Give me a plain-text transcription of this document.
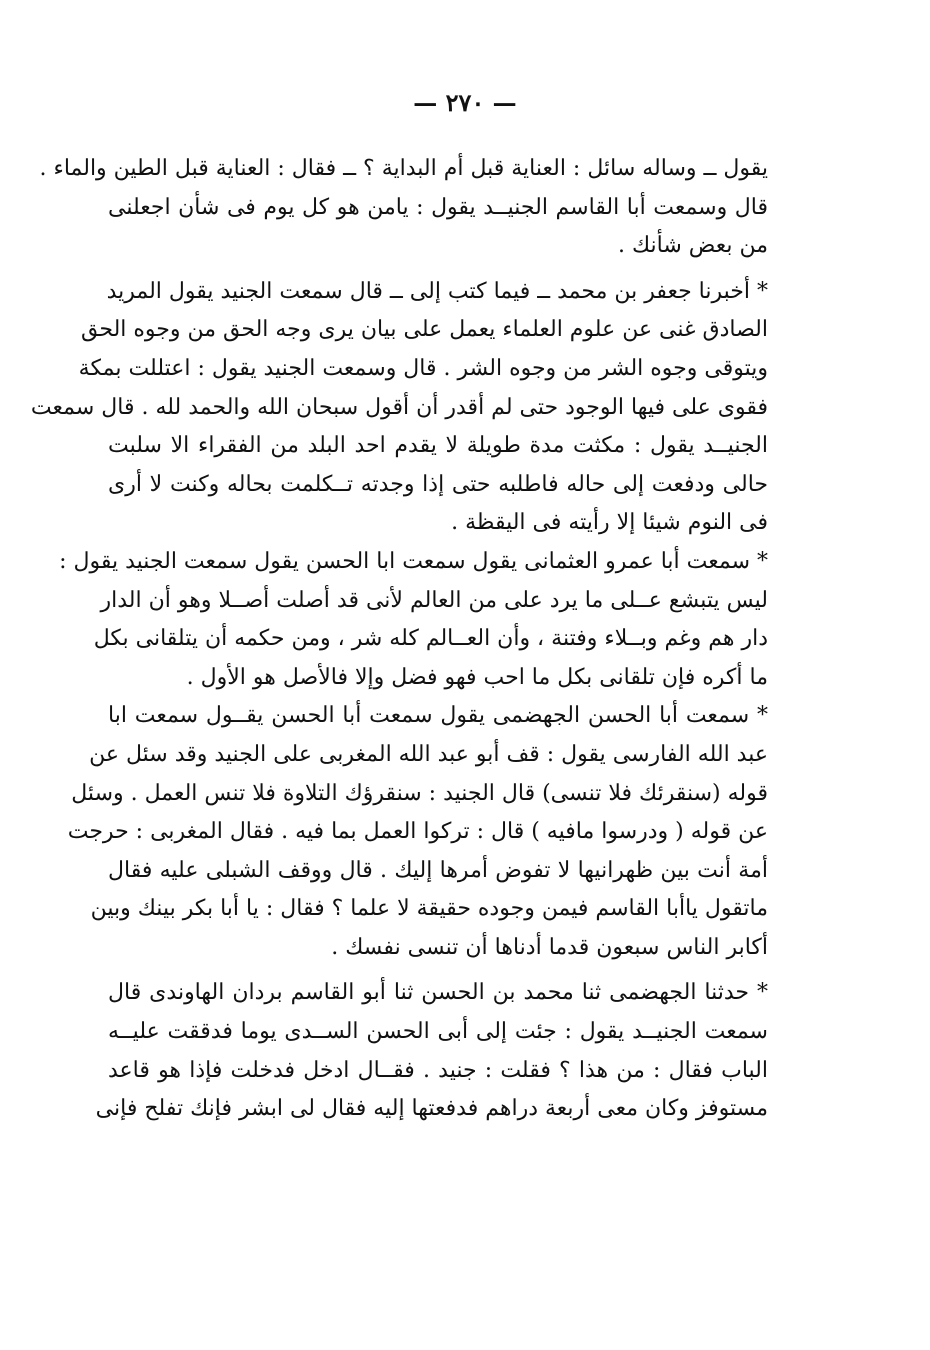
— ٢٧٠ —
يقول ــ وساله سائل : العناية قبل أم البداية ؟ ــ فقال : العناية قبل الطين والماء .
قال وسمعت أبا القاسم الجنيــد يقول : يامن هو كل يوم فى شأن اجعلنى
من بعض شأنك .
* أخبرنا جعفر بن محمد ــ فيما كتب إلى ــ قال سمعت الجنيد يقول المريد
الصادق غنى عن علوم العلماء يعمل على بيان يرى وجه الحق من وجوه الحق
ويتوقى وجوه الشر من وجوه الشر . قال وسمعت الجنيد يقول : اعتللت بمكة
فقوى على فيها الوجود حتى لم أقدر أن أقول سبحان الله والحمد لله . قال سمعت
الجنيــد يقول : مكثت مدة طويلة لا يقدم احد البلد من الفقراء الا سلبت
حالى ودفعت إلى حاله فاطلبه حتى إذا وجدته تــكلمت بحاله وكنت لا أرى
فى النوم شيئا إلا رأيته فى اليقظة .
* سمعت أبا عمرو العثمانى يقول سمعت ابا الحسن يقول سمعت الجنيد يقول :
ليس يتبشع عــلى ما يرد على من العالم لأنى قد أصلت أصــلا وهو أن الدار
دار هم وغم وبــلاء وفتنة ، وأن العــالم كله شر ، ومن حكمه أن يتلقانى بكل
ما أكره فإن تلقانى بكل ما احب فهو فضل وإلا فالأصل هو الأول .
* سمعت أبا الحسن الجهضمى يقول سمعت أبا الحسن يقــول سمعت ابا
عبد الله الفارسى يقول : قف أبو عبد الله المغربى على الجنيد وقد سئل عن
قوله (سنقرئك فلا تنسى) قال الجنيد : سنقرؤك التلاوة فلا تنس العمل . وسئل
عن قوله ( ودرسوا مافيه ) قال : تركوا العمل بما فيه . فقال المغربى : حرجت
أمة أنت بين ظهرانيها لا تفوض أمرها إليك . قال ووقف الشبلى عليه فقال
ماتقول ياأبا القاسم فيمن وجوده حقيقة لا علما ؟ فقال : يا أبا بكر بينك وبين
أكابر الناس سبعون قدما أدناها أن تنسى نفسك .
* حدثنا الجهضمى ثنا محمد بن الحسن ثنا أبو القاسم بردان الهاوندى قال
سمعت الجنيــد يقول : جئت إلى أبى الحسن الســدى يوما فدققت عليــه
الباب فقال : من هذا ؟ فقلت : جنيد . فقــال ادخل فدخلت فإذا هو قاعد
مستوفز وكان معى أربعة دراهم فدفعتها إليه فقال لى ابشر فإنك تفلح فإنى
